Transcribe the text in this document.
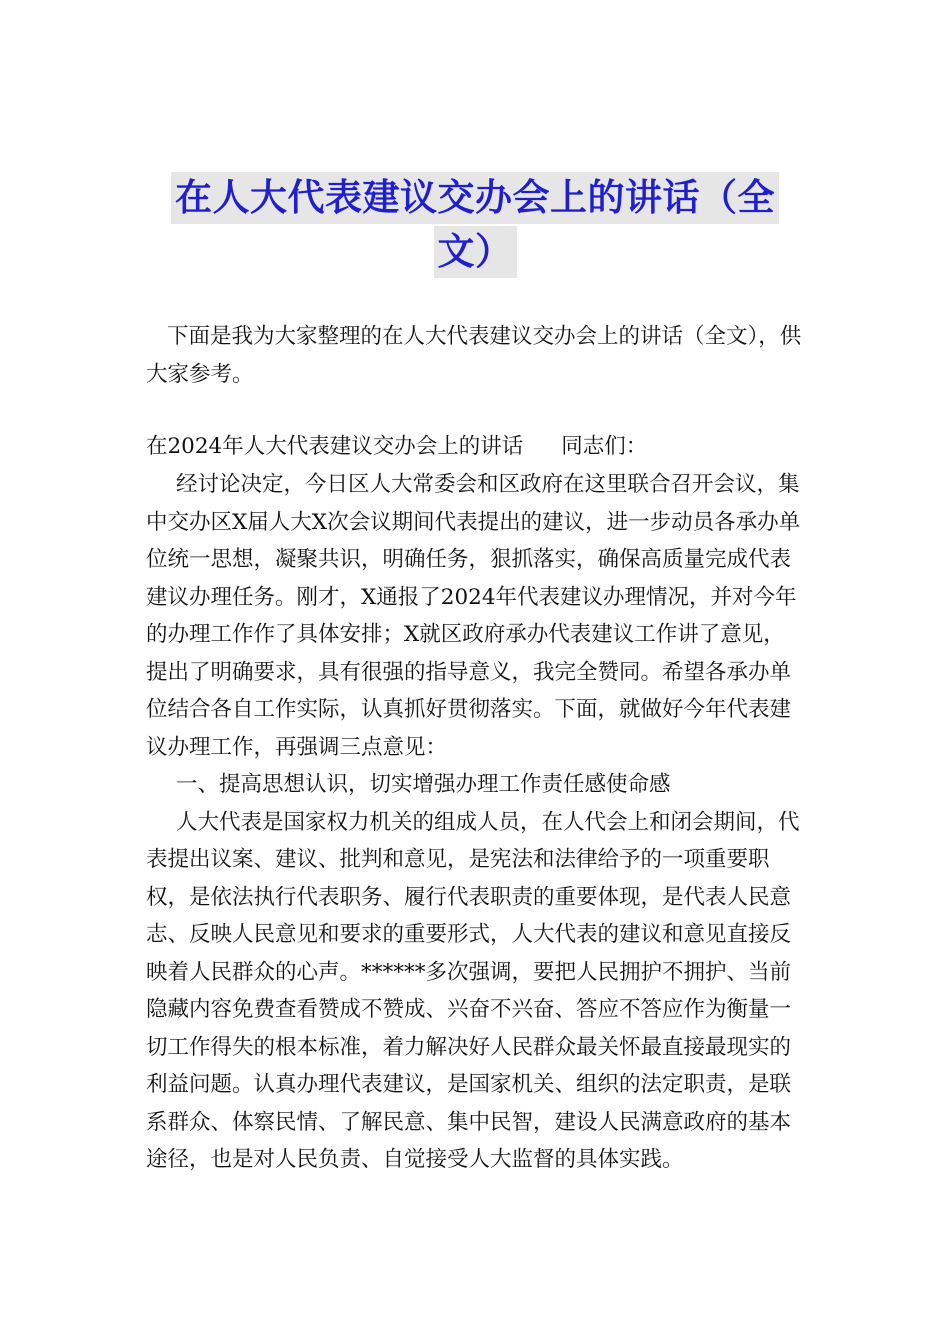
在人大代表建议交办会上的讲话（全
文）

下面是我为大家整理的在人大代表建议交办会上的讲话（全文），供大家参考。

在2024年人大代表建议交办会上的讲话 同志们：

经讨论决定，今日区人大常委会和区政府在这里联合召开会议，集中交办区X届人大X次会议期间代表提出的建议，进一步动员各承办单位统一思想，凝聚共识，明确任务，狠抓落实，确保高质量完成代表建议办理任务。刚才，X通报了2024年代表建议办理情况，并对今年的办理工作作了具体安排；X就区政府承办代表建议工作讲了意见，提出了明确要求，具有很强的指导意义，我完全赞同。希望各承办单位结合各自工作实际，认真抓好贯彻落实。下面，就做好今年代表建议办理工作，再强调三点意见：

一、提高思想认识，切实增强办理工作责任感使命感

人大代表是国家权力机关的组成人员，在人代会上和闭会期间，代表提出议案、建议、批判和意见，是宪法和法律给予的一项重要职权，是依法执行代表职务、履行代表职责的重要体现，是代表人民意志、反映人民意见和要求的重要形式，人大代表的建议和意见直接反映着人民群众的心声。******多次强调，要把人民拥护不拥护、当前隐藏内容免费查看赞成不赞成、兴奋不兴奋、答应不答应作为衡量一切工作得失的根本标准，着力解决好人民群众最关怀最直接最现实的利益问题。认真办理代表建议，是国家机关、组织的法定职责，是联系群众、体察民情、了解民意、集中民智，建设人民满意政府的基本途径，也是对人民负责、自觉接受人大监督的具体实践。
